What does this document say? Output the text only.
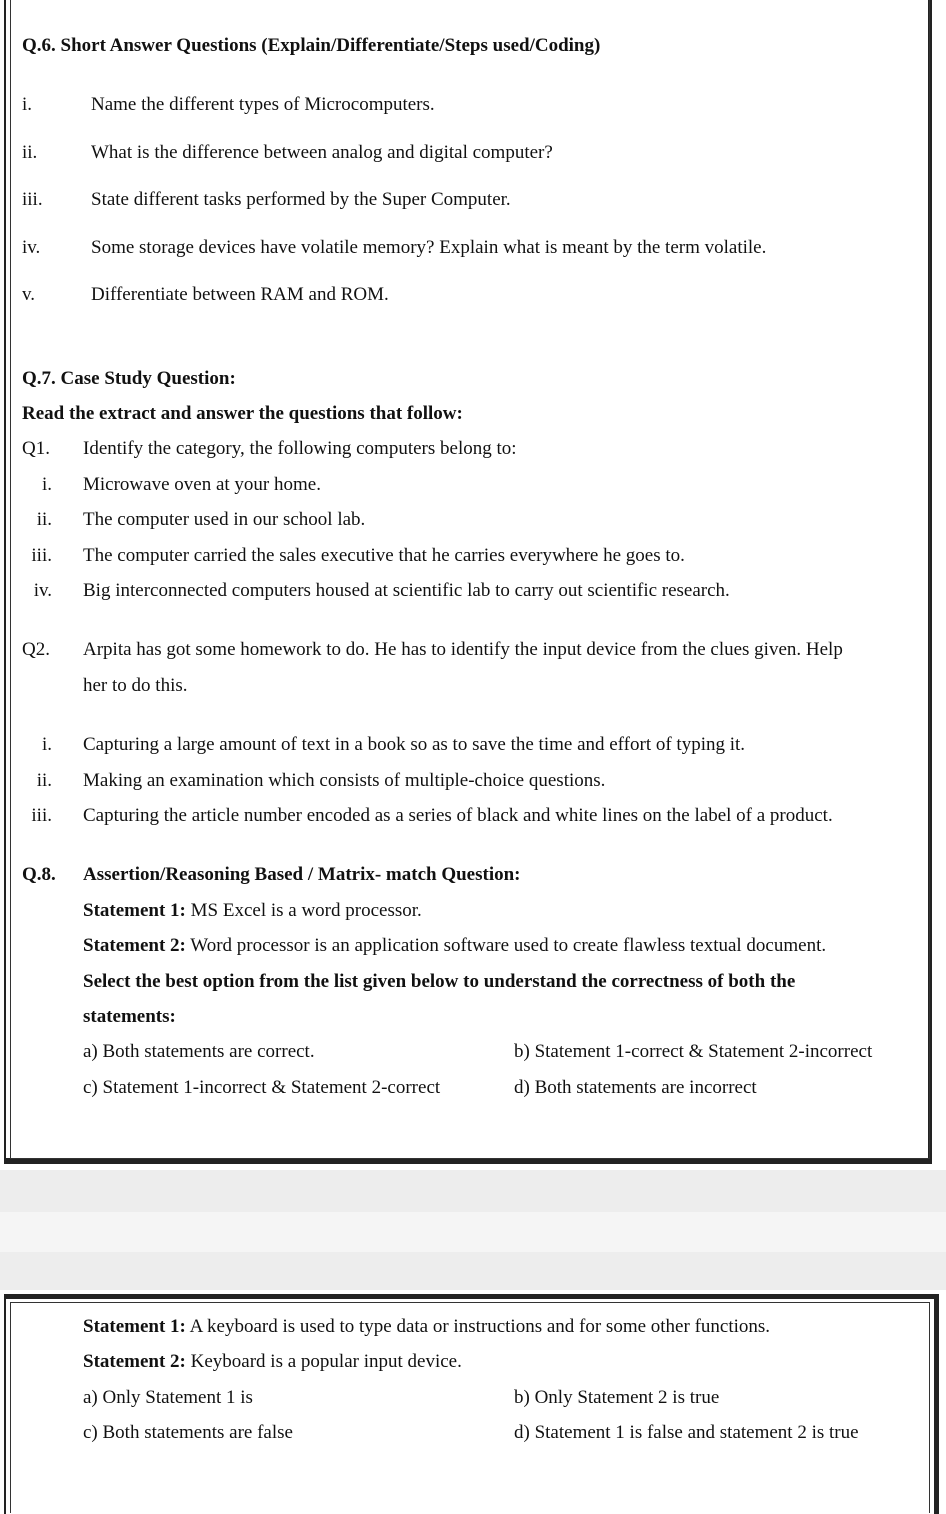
Q.6. Short Answer Questions (Explain/Differentiate/Steps used/Coding)
i.	Name the different types of Microcomputers.
ii.	What is the difference between analog and digital computer?
iii.	State different tasks performed by the Super Computer.
iv.	Some storage devices have volatile memory? Explain what is meant by the term volatile.
v.	Differentiate between RAM and ROM.
Q.7. Case Study Question:
Read the extract and answer the questions that follow:
Q1. Identify the category, the following computers belong to:
i. Microwave oven at your home.
ii. The computer used in our school lab.
iii. The computer carried the sales executive that he carries everywhere he goes to.
iv. Big interconnected computers housed at scientific lab to carry out scientific research.
Q2. Arpita has got some homework to do. He has to identify the input device from the clues given. Help
her to do this.
i. Capturing a large amount of text in a book so as to save the time and effort of typing it.
ii. Making an examination which consists of multiple-choice questions.
iii. Capturing the article number encoded as a series of black and white lines on the label of a product.
Q.8. Assertion/Reasoning Based / Matrix- match Question:
Statement 1: MS Excel is a word processor.
Statement 2: Word processor is an application software used to create flawless textual document.
Select the best option from the list given below to understand the correctness of both the
statements:
a) Both statements are correct.	b) Statement 1-correct & Statement 2-incorrect
c) Statement 1-incorrect & Statement 2-correct	d) Both statements are incorrect
Statement 1: A keyboard is used to type data or instructions and for some other functions.
Statement 2: Keyboard is a popular input device.
a) Only Statement 1 is	b) Only Statement 2 is true
c) Both statements are false	d) Statement 1 is false and statement 2 is true
